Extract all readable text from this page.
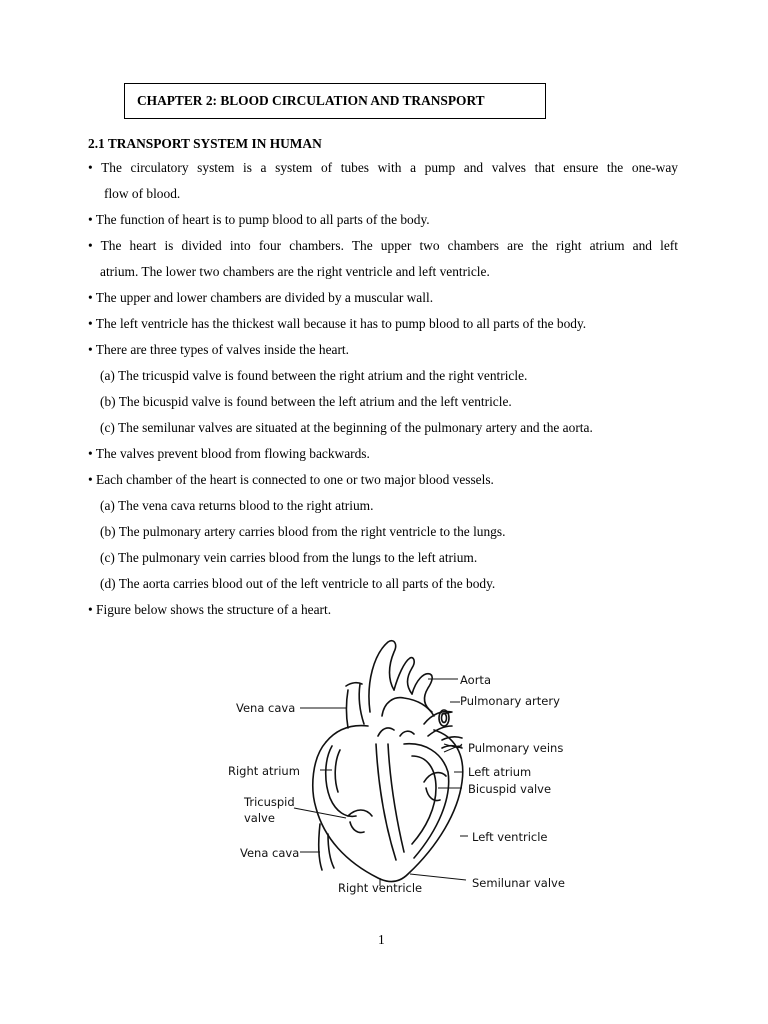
CHAPTER 2: BLOOD CIRCULATION AND TRANSPORT
2.1 TRANSPORT SYSTEM IN HUMAN
• The circulatory system is a system of tubes with a pump and valves that ensure the one-way
flow of blood.
• The function of heart is to pump blood to all parts of the body.
• The heart is divided into four chambers. The upper two chambers are the right atrium and left
atrium. The lower two chambers are the right ventricle and left ventricle.
• The upper and lower chambers are divided by a muscular wall.
• The left ventricle has the thickest wall because it has to pump blood to all parts of the body.
• There are three types of valves inside the heart.
(a) The tricuspid valve is found between the right atrium and the right ventricle.
(b) The bicuspid valve is found between the left atrium and the left ventricle.
(c) The semilunar valves are situated at the beginning of the pulmonary artery and the aorta.
• The valves prevent blood from flowing backwards.
• Each chamber of the heart is connected to one or two major blood vessels.
(a) The vena cava returns blood to the right atrium.
(b) The pulmonary artery carries blood from the right ventricle to the lungs.
(c) The pulmonary vein carries blood from the lungs to the left atrium.
(d) The aorta carries blood out of the left ventricle to all parts of the body.
• Figure below shows the structure of a heart.
Aorta
Pulmonary artery
Vena cava
Pulmonary veins
Right atrium	Left atrium
Bicuspid valve
Tricuspid
valve
Left ventricle
Vena cava
Right ventricle	Semilunar valve
1
